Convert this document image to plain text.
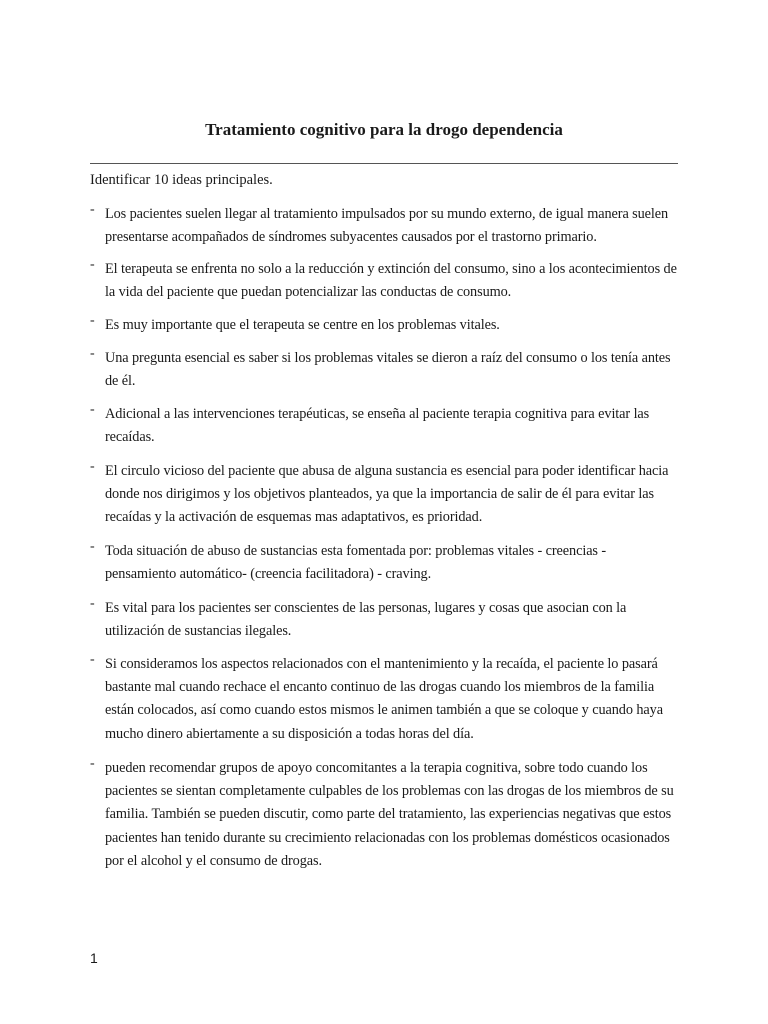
Tratamiento cognitivo para la drogo dependencia
Identificar 10 ideas principales.
- Los pacientes suelen llegar al tratamiento impulsados por su mundo externo, de igual manera suelen presentarse acompañados de síndromes subyacentes causados por el trastorno primario.
- El terapeuta se enfrenta no solo a la reducción y extinción del consumo, sino a los acontecimientos de la vida del paciente que puedan potencializar las conductas de consumo.
- Es muy importante que el terapeuta se centre en los problemas vitales.
- Una pregunta esencial es saber si los problemas vitales se dieron a raíz del consumo o los tenía antes de él.
- Adicional a las intervenciones terapéuticas, se enseña al paciente terapia cognitiva para evitar las recaídas.
- El circulo vicioso del paciente que abusa de alguna sustancia es esencial para poder identificar hacia donde nos dirigimos y los objetivos planteados, ya que la importancia de salir de él para evitar las recaídas y la activación de esquemas mas adaptativos, es prioridad.
- Toda situación de abuso de sustancias esta fomentada por: problemas vitales - creencias - pensamiento automático- (creencia facilitadora) - craving.
- Es vital para los pacientes ser conscientes de las personas, lugares y cosas que asocian con la utilización de sustancias ilegales.
- Si consideramos los aspectos relacionados con el mantenimiento y la recaída, el paciente lo pasará bastante mal cuando rechace el encanto continuo de las drogas cuando los miembros de la familia están colocados, así como cuando estos mismos le animen también a que se coloque y cuando haya mucho dinero abiertamente a su disposición a todas horas del día.
- pueden recomendar grupos de apoyo concomitantes a la terapia cognitiva, sobre todo cuando los pacientes se sientan completamente culpables de los problemas con las drogas de los miembros de su familia. También se pueden discutir, como parte del tratamiento, las experiencias negativas que estos pacientes han tenido durante su crecimiento relacionadas con los problemas domésticos ocasionados por el alcohol y el consumo de drogas.
1
